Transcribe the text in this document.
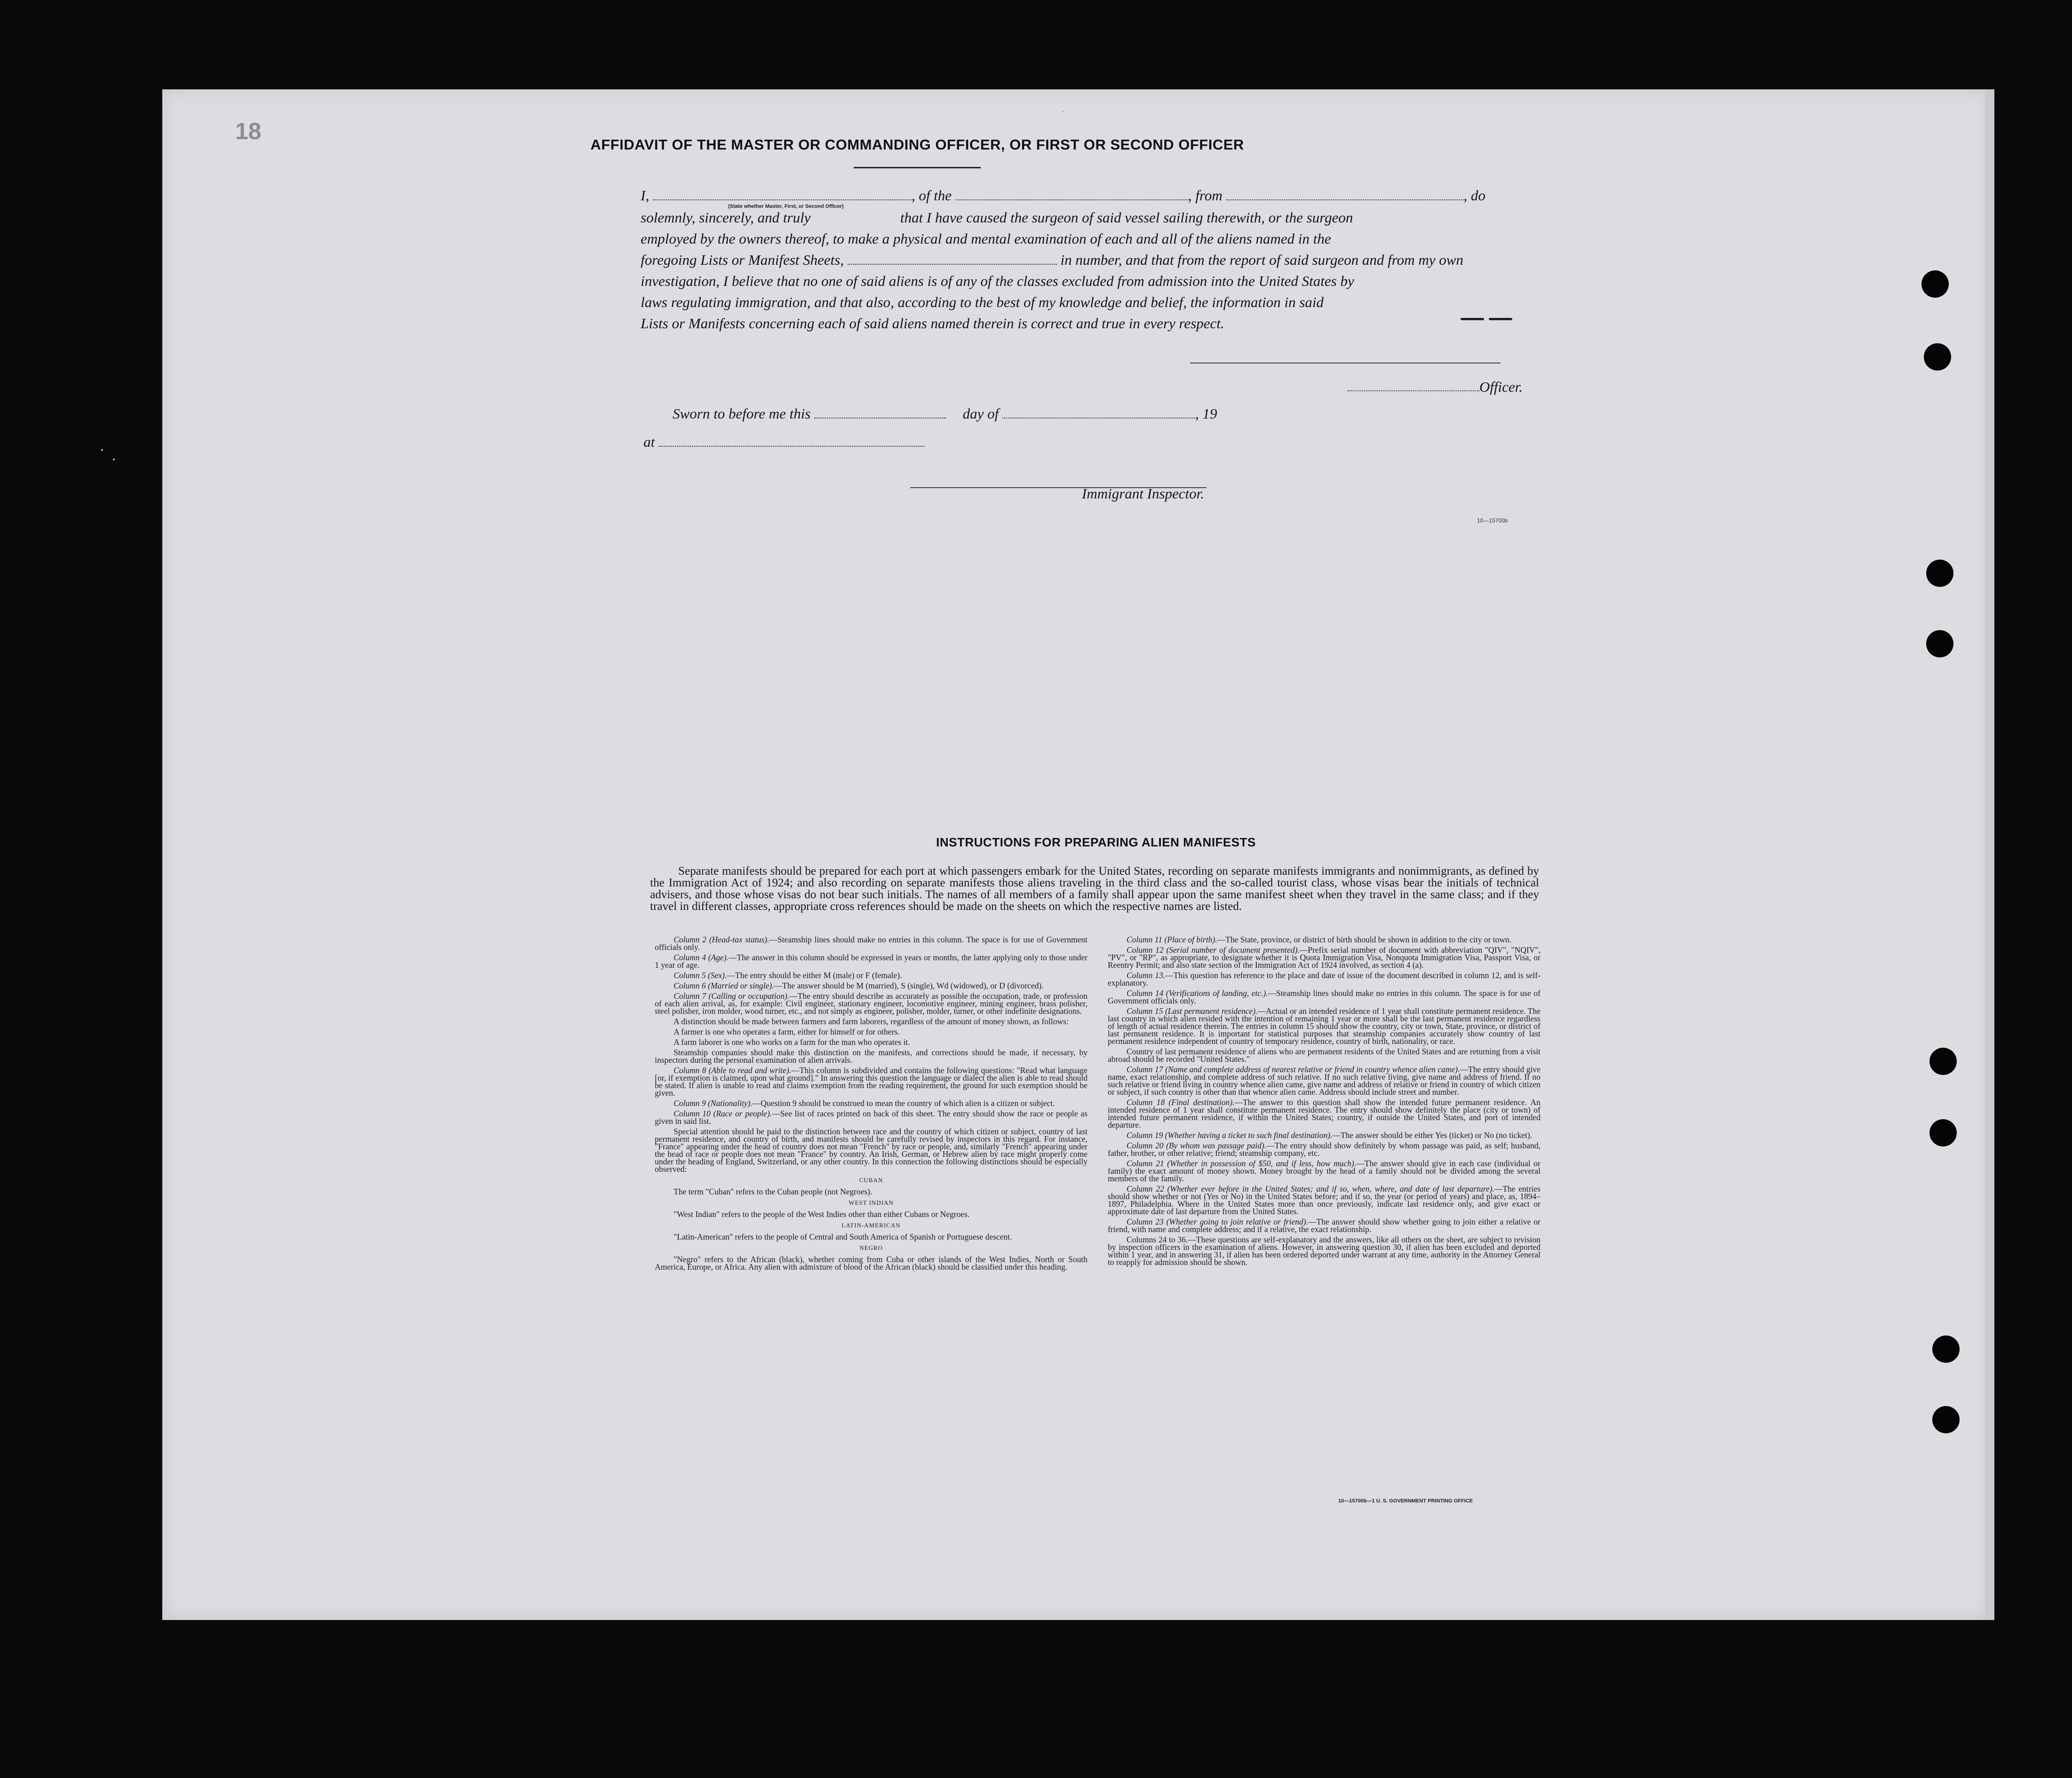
18
AFFIDAVIT OF THE MASTER OR COMMANDING OFFICER, OR FIRST OR SECOND OFFICER
I,	, of the	, from	, do
(State whether Master, First, or Second Officer)
solemnly, sincerely, and truly	that I have caused the surgeon of said vessel sailing therewith, or the surgeon
employed by the owners thereof, to make a physical and mental examination of each and all of the aliens named in the
foregoing Lists or Manifest Sheets,	in number, and that from the report of said surgeon and from my own
investigation, I believe that no one of said aliens is of any of the classes excluded from admission into the United States by
laws regulating immigration, and that also, according to the best of my knowledge and belief, the information in said
Lists or Manifests concerning each of said aliens named therein is correct and true in every respect.
Officer.
Sworn to before me this	day of	, 19
at
Immigrant Inspector.
10—15700b
INSTRUCTIONS FOR PREPARING ALIEN MANIFESTS
Separate manifests should be prepared for each port at which passengers embark for the United States, recording on separate manifests immigrants and nonimmigrants, as defined by the Immigration Act of 1924; and also recording on separate manifests those aliens traveling in the third class and the so-called tourist class, whose visas bear the initials of technical advisers, and those whose visas do not bear such initials. The names of all members of a family shall appear upon the same manifest sheet when they travel in the same class; and if they travel in different classes, appropriate cross references should be made on the sheets on which the respective names are listed.

Column 2 (Head-tax status).—Steamship lines should make no entries in this column. The space is for use of Government officials only.

Column 4 (Age).—The answer in this column should be expressed in years or months, the latter applying only to those under 1 year of age.

Column 5 (Sex).—The entry should be either M (male) or F (female).

Column 6 (Married or single).—The answer should be M (married), S (single), Wd (widowed), or D (divorced).

Column 7 (Calling or occupation).—The entry should describe as accurately as possible the occupation, trade, or profession of each alien arrival, as, for example: Civil engineer, stationary engineer, locomotive engineer, mining engineer, brass polisher, steel polisher, iron molder, wood turner, etc., and not simply as engineer, polisher, molder, turner, or other indefinite designations.

A distinction should be made between farmers and farm laborers, regardless of the amount of money shown, as follows:

A farmer is one who operates a farm, either for himself or for others.

A farm laborer is one who works on a farm for the man who operates it.

Steamship companies should make this distinction on the manifests, and corrections should be made, if necessary, by inspectors during the personal examination of alien arrivals.

Column 8 (Able to read and write).—This column is subdivided and contains the following questions: "Read what language [or, if exemption is claimed, upon what ground]." In answering this question the language or dialect the alien is able to read should be stated. If alien is unable to read and claims exemption from the reading requirement, the ground for such exemption should be given.

Column 9 (Nationality).—Question 9 should be construed to mean the country of which alien is a citizen or subject.

Column 10 (Race or people).—See list of races printed on back of this sheet. The entry should show the race or people as given in said list.

Special attention should be paid to the distinction between race and the country of which citizen or subject, country of last permanent residence, and country of birth, and manifests should be carefully revised by inspectors in this regard. For instance, "France" appearing under the head of country does not mean "French" by race or people, and, similarly "French" appearing under the head of race or people does not mean "France" by country. An Irish, German, or Hebrew alien by race might properly come under the heading of England, Switzerland, or any other country. In this connection the following distinctions should be especially observed:

CUBAN

The term "Cuban" refers to the Cuban people (not Negroes).

WEST INDIAN

"West Indian" refers to the people of the West Indies other than either Cubans or Negroes.

LATIN-AMERICAN

"Latin-American" refers to the people of Central and South America of Spanish or Portuguese descent.

NEGRO

"Negro" refers to the African (black), whether coming from Cuba or other islands of the West Indies, North or South America, Europe, or Africa. Any alien with admixture of blood of the African (black) should be classified under this heading.

Column 11 (Place of birth).—The State, province, or district of birth should be shown in addition to the city or town.

Column 12 (Serial number of document presented).—Prefix serial number of document with abbreviation "QIV", "NQIV", "PV", or "RP", as appropriate, to designate whether it is Quota Immigration Visa, Nonquota Immigration Visa, Passport Visa, or Reentry Permit; and also state section of the Immigration Act of 1924 involved, as section 4 (a).

Column 13.—This question has reference to the place and date of issue of the document described in column 12, and is self-explanatory.

Column 14 (Verifications of landing, etc.).—Steamship lines should make no entries in this column. The space is for use of Government officials only.

Column 15 (Last permanent residence).—Actual or an intended residence of 1 year shall constitute permanent residence. The last country in which alien resided with the intention of remaining 1 year or more shall be the last permanent residence regardless of length of actual residence therein. The entries in column 15 should show the country, city or town, State, province, or district of last permanent residence. It is important for statistical purposes that steamship companies accurately show country of last permanent residence independent of country of temporary residence, country of birth, nationality, or race.

Country of last permanent residence of aliens who are permanent residents of the United States and are returning from a visit abroad should be recorded "United States."

Column 17 (Name and complete address of nearest relative or friend in country whence alien came).—The entry should give name, exact relationship, and complete address of such relative. If no such relative living, give name and address of friend. If no such relative or friend living in country whence alien came, give name and address of relative or friend in country of which citizen or subject, if such country is other than that whence alien came. Address should include street and number.

Column 18 (Final destination).—The answer to this question shall show the intended future permanent residence. An intended residence of 1 year shall constitute permanent residence. The entry should show definitely the place (city or town) of intended future permanent residence, if within the United States; country, if outside the United States, and port of intended departure.

Column 19 (Whether having a ticket to such final destination).—The answer should be either Yes (ticket) or No (no ticket).

Column 20 (By whom was passage paid).—The entry should show definitely by whom passage was paid, as self; husband, father, brother, or other relative; friend; steamship company, etc.

Column 21 (Whether in possession of $50, and if less, how much).—The answer should give in each case (individual or family) the exact amount of money shown. Money brought by the head of a family should not be divided among the several members of the family.

Column 22 (Whether ever before in the United States; and if so, when, where, and date of last departure).—The entries should show whether or not (Yes or No) in the United States before; and if so, the year (or period of years) and place, as, 1894–1897, Philadelphia. Where in the United States more than once previously, indicate last residence only, and give exact or approximate date of last departure from the United States.

Column 23 (Whether going to join relative or friend).—The answer should show whether going to join either a relative or friend, with name and complete address; and if a relative, the exact relationship.

Columns 24 to 36.—These questions are self-explanatory and the answers, like all others on the sheet, are subject to revision by inspection officers in the examination of aliens. However, in answering question 30, if alien has been excluded and deported within 1 year, and in answering 31, if alien has been ordered deported under warrant at any time, authority in the Attorney General to reapply for admission should be shown.

10—15700b—1 U. S. GOVERNMENT PRINTING OFFICE
